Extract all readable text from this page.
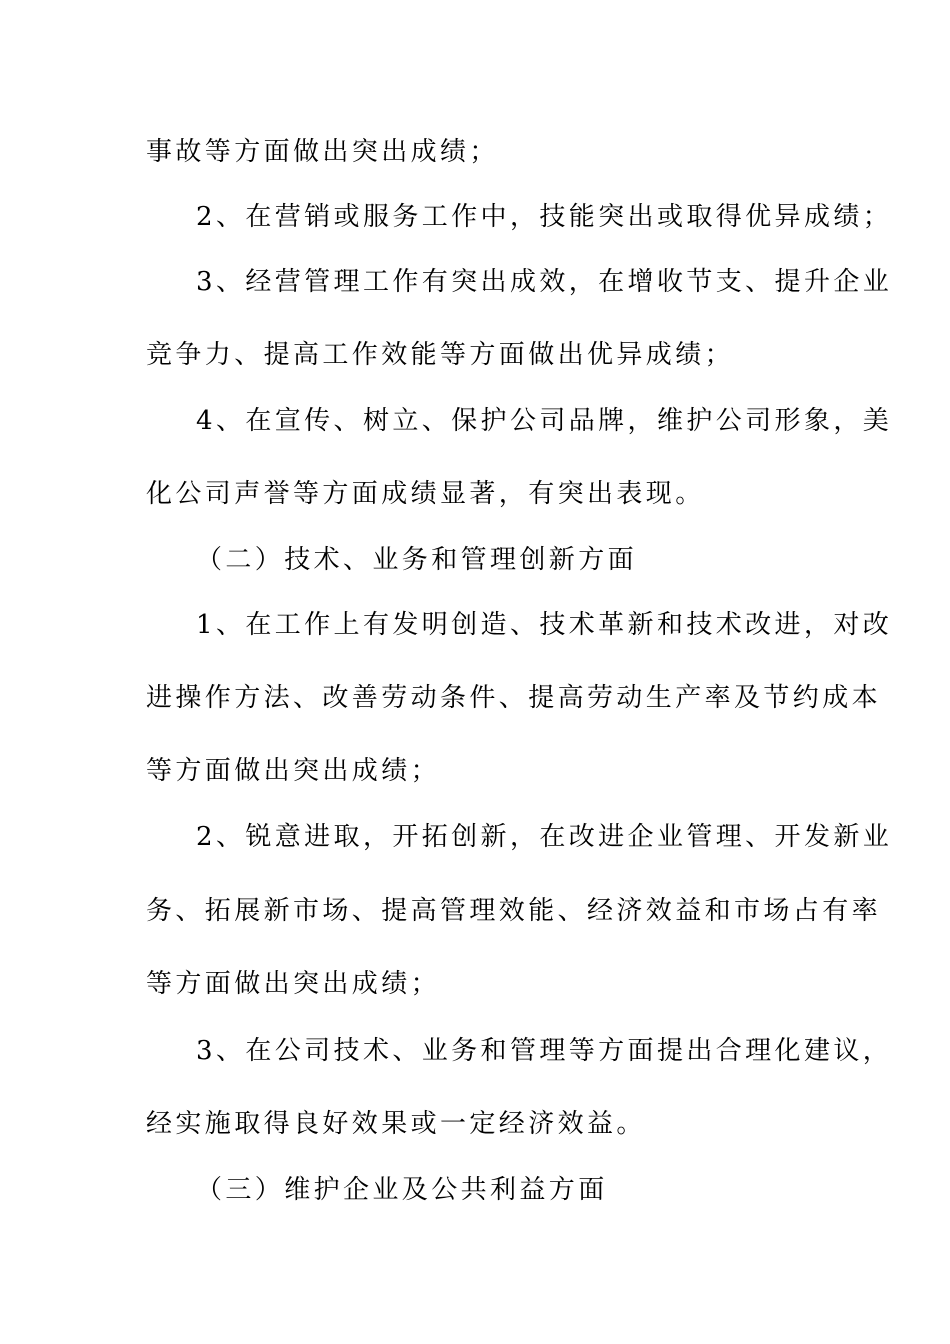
事故等方面做出突出成绩；
2、在营销或服务工作中，技能突出或取得优异成绩；
3、经营管理工作有突出成效，在增收节支、提升企业
竞争力、提高工作效能等方面做出优异成绩；
4、在宣传、树立、保护公司品牌，维护公司形象，美
化公司声誉等方面成绩显著，有突出表现。
（二）技术、业务和管理创新方面
1、在工作上有发明创造、技术革新和技术改进，对改
进操作方法、改善劳动条件、提高劳动生产率及节约成本
等方面做出突出成绩；
2、锐意进取，开拓创新，在改进企业管理、开发新业
务、拓展新市场、提高管理效能、经济效益和市场占有率
等方面做出突出成绩；
3、在公司技术、业务和管理等方面提出合理化建议，
经实施取得良好效果或一定经济效益。
（三）维护企业及公共利益方面
